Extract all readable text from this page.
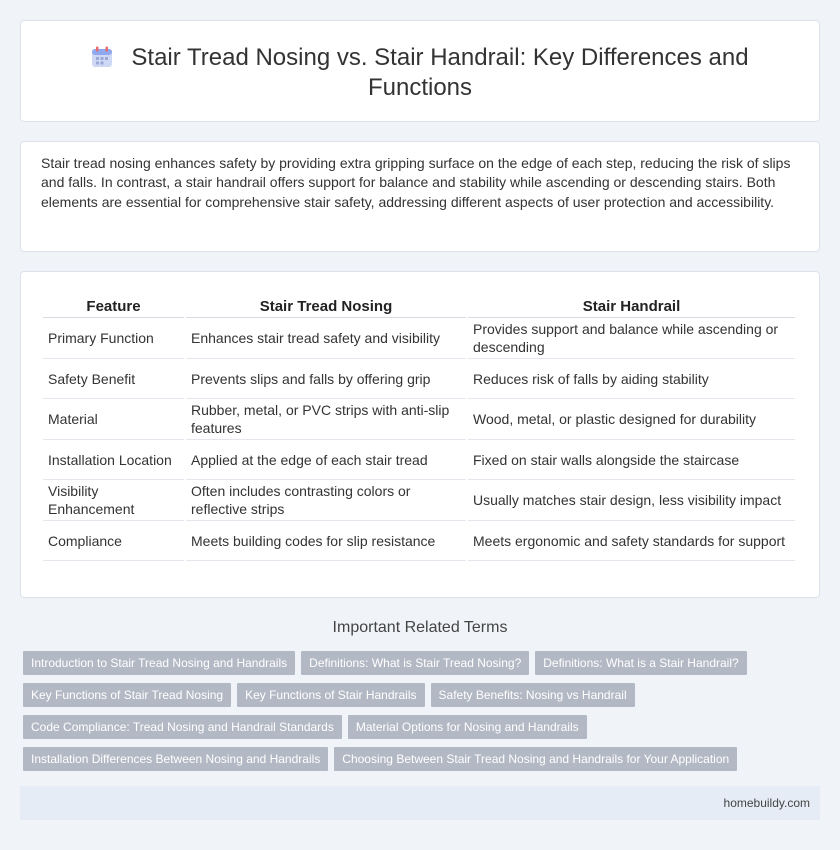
Stair Tread Nosing vs. Stair Handrail: Key Differences and
Functions

Stair tread nosing enhances safety by providing extra gripping surface on the edge of each step, reducing the risk of slips and falls. In contrast, a stair handrail offers support for balance and stability while ascending or descending stairs. Both elements are essential for comprehensive stair safety, addressing different aspects of user protection and accessibility.

Feature	Stair Tread Nosing	Stair Handrail
Primary Function	Enhances stair tread safety and visibility	Provides support and balance while ascending or descending
Safety Benefit	Prevents slips and falls by offering grip	Reduces risk of falls by aiding stability
Material	Rubber, metal, or PVC strips with anti-slip features	Wood, metal, or plastic designed for durability
Installation Location	Applied at the edge of each stair tread	Fixed on stair walls alongside the staircase
Visibility Enhancement	Often includes contrasting colors or reflective strips	Usually matches stair design, less visibility impact
Compliance	Meets building codes for slip resistance	Meets ergonomic and safety standards for support
Important Related Terms
Introduction to Stair Tread Nosing and Handrails Definitions: What is Stair Tread Nosing? Definitions: What is a Stair Handrail?
Key Functions of Stair Tread Nosing Key Functions of Stair Handrails Safety Benefits: Nosing vs Handrail
Code Compliance: Tread Nosing and Handrail Standards Material Options for Nosing and Handrails
Installation Differences Between Nosing and Handrails Choosing Between Stair Tread Nosing and Handrails for Your Application
homebuildy.com
